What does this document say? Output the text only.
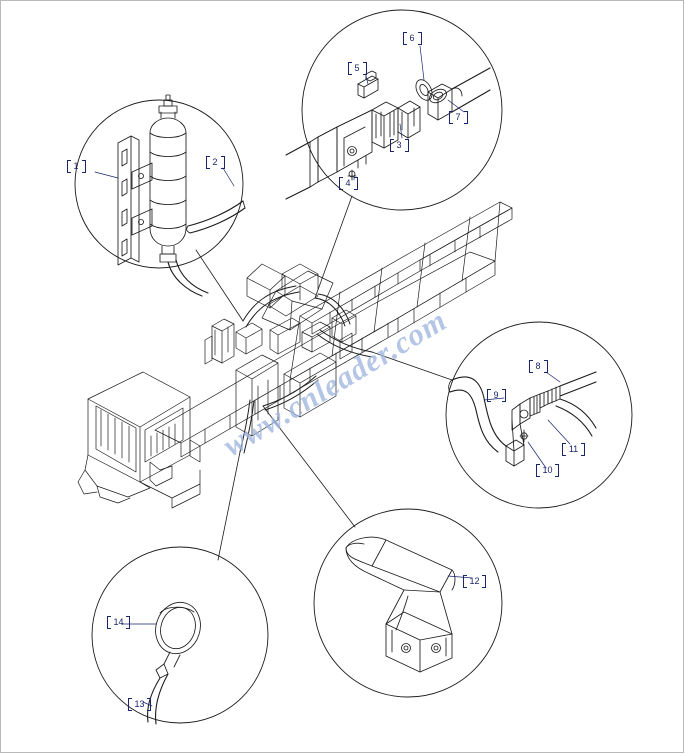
1	2
3
4
5
6
7
8
9
10
11
12
13
14
www.cnleader.com
